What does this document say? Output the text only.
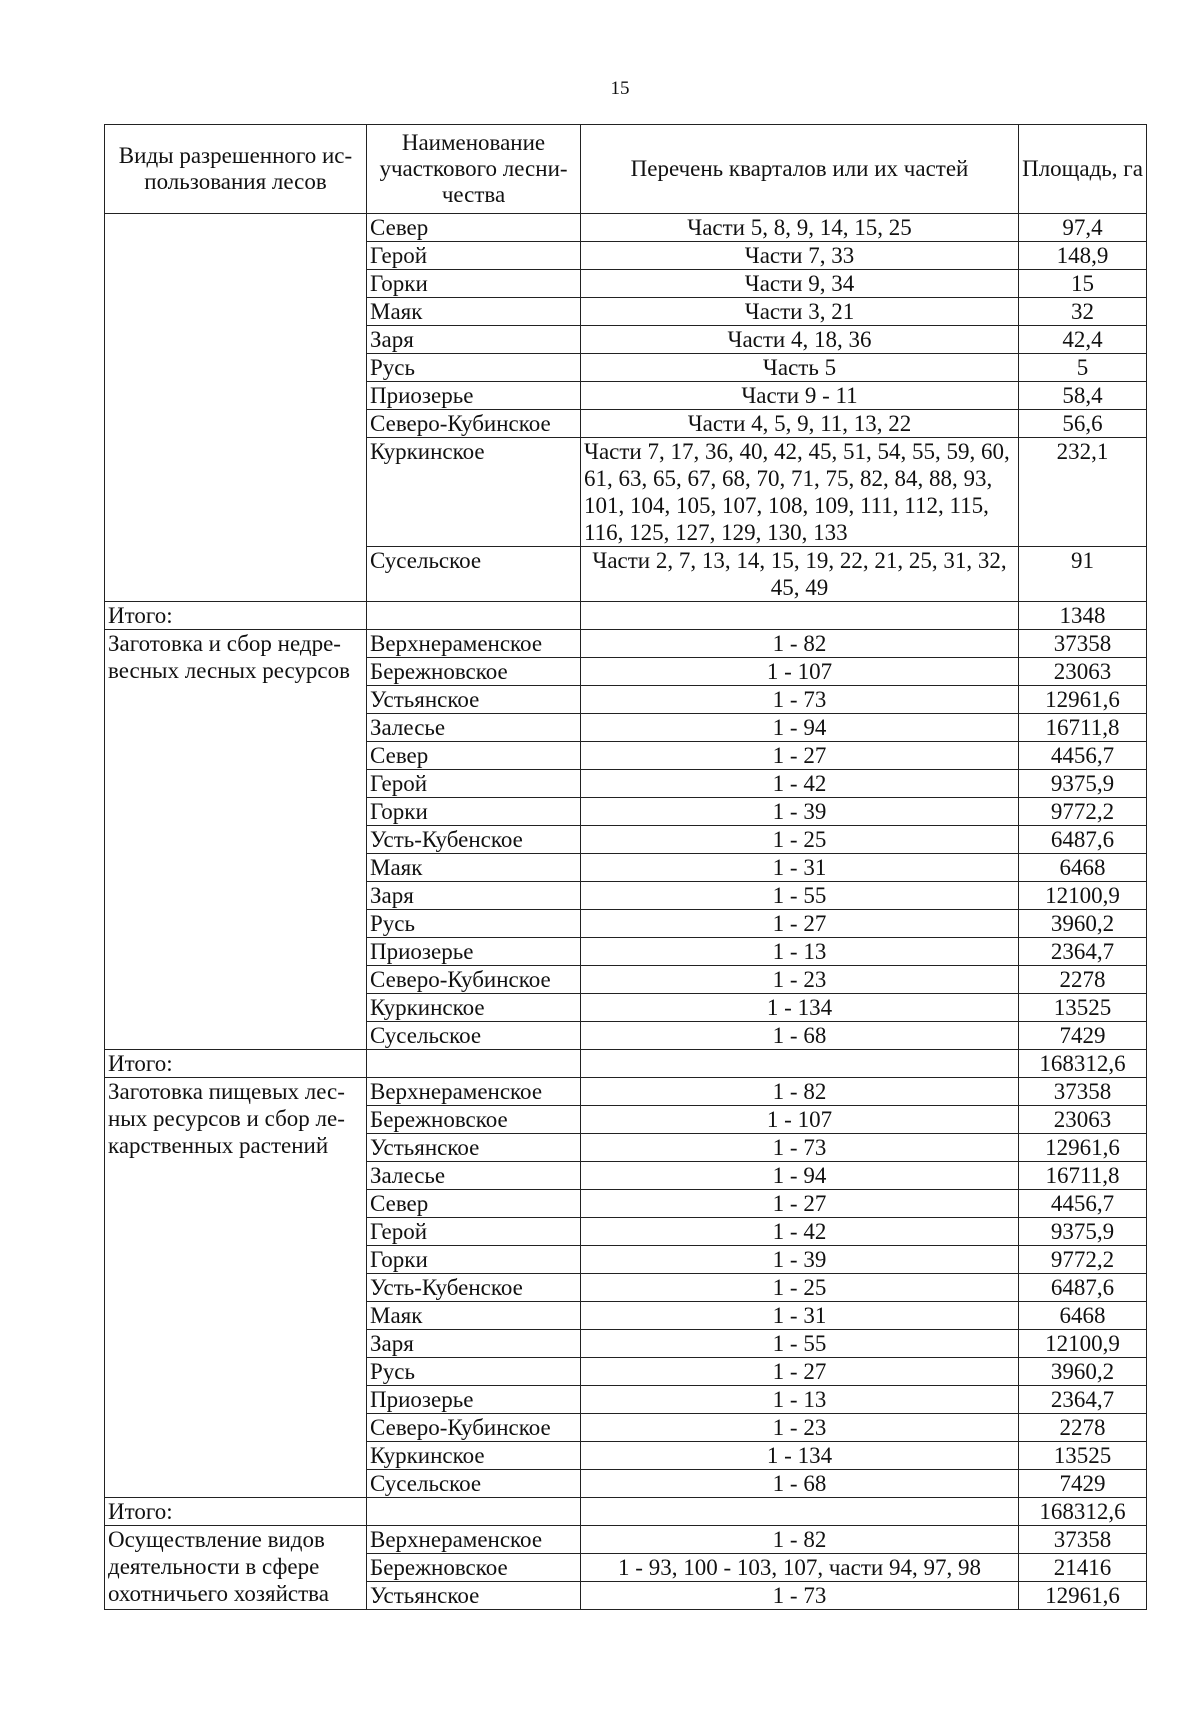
15
Виды разрешенного ис-пользования лесов	Наименование участкового лесни-чества	Перечень кварталов или их частей	Площадь, га
	Север	Части 5, 8, 9, 14, 15, 25	97,4
	Герой	Части 7, 33	148,9
	Горки	Части 9, 34	15
	Маяк	Части 3, 21	32
	Заря	Части 4, 18, 36	42,4
	Русь	Часть 5	5
	Приозерье	Части 9 - 11	58,4
	Северо-Кубинское	Части 4, 5, 9, 11, 13, 22	56,6
	Куркинское	Части 7, 17, 36, 40, 42, 45, 51, 54, 55, 59, 60, 61, 63, 65, 67, 68, 70, 71, 75, 82, 84, 88, 93, 101, 104, 105, 107, 108, 109, 111, 112, 115, 116, 125, 127, 129, 130, 133	232,1
	Сусельское	Части 2, 7, 13, 14, 15, 19, 22, 21, 25, 31, 32, 45, 49	91
Итого:			1348
Заготовка и сбор недре-весных лесных ресурсов	Верхнераменское	1 - 82	37358
	Бережновское	1 - 107	23063
	Устьянское	1 - 73	12961,6
	Залесье	1 - 94	16711,8
	Север	1 - 27	4456,7
	Герой	1 - 42	9375,9
	Горки	1 - 39	9772,2
	Усть-Кубенское	1 - 25	6487,6
	Маяк	1 - 31	6468
	Заря	1 - 55	12100,9
	Русь	1 - 27	3960,2
	Приозерье	1 - 13	2364,7
	Северо-Кубинское	1 - 23	2278
	Куркинское	1 - 134	13525
	Сусельское	1 - 68	7429
Итого:			168312,6
Заготовка пищевых лес-ных ресурсов и сбор ле-карственных растений	Верхнераменское	1 - 82	37358
	Бережновское	1 - 107	23063
	Устьянское	1 - 73	12961,6
	Залесье	1 - 94	16711,8
	Север	1 - 27	4456,7
	Герой	1 - 42	9375,9
	Горки	1 - 39	9772,2
	Усть-Кубенское	1 - 25	6487,6
	Маяк	1 - 31	6468
	Заря	1 - 55	12100,9
	Русь	1 - 27	3960,2
	Приозерье	1 - 13	2364,7
	Северо-Кубинское	1 - 23	2278
	Куркинское	1 - 134	13525
	Сусельское	1 - 68	7429
Итого:			168312,6
Осуществление видов деятельности в сфере охотничьего хозяйства	Верхнераменское	1 - 82	37358
	Бережновское	1 - 93, 100 - 103, 107, части 94, 97, 98	21416
	Устьянское	1 - 73	12961,6
